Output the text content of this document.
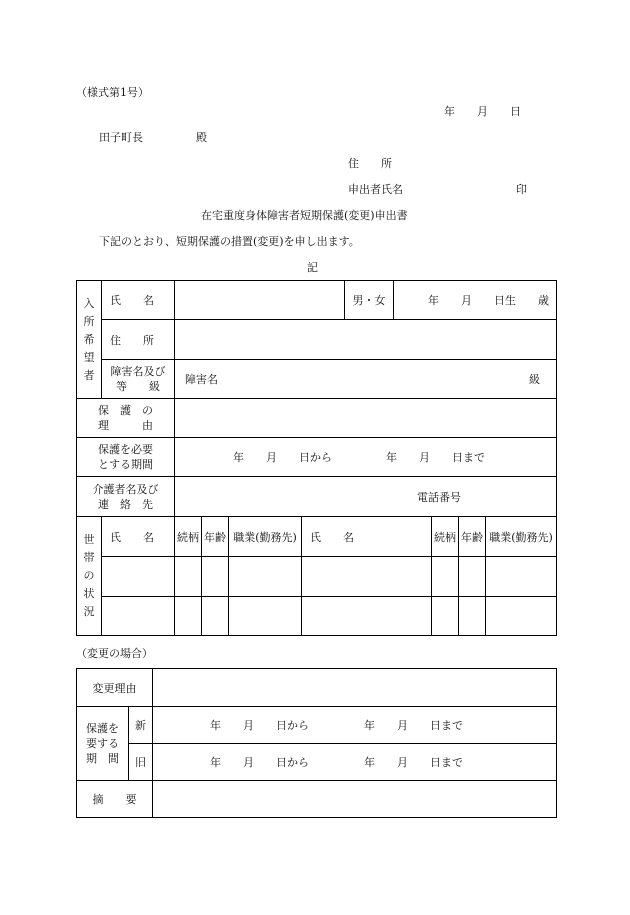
（様式第1号）
年　　月　　日
田子町長	殿
住　　所
申出者氏名	印
在宅重度身体障害者短期保護(変更)申出書
下記のとおり、短期保護の措置(変更)を申し出ます。
記
入
所
希
望
者
氏　　名	男・女	年　　月　　日生　　歳
住　　所
障害名及び
等　　級
障害名	級
保　護　の
理　　　由
保護を必要
とする期間
年　　月　　日から	年　　月　　日まで
介護者名及び
連　絡　先
電話番号
世
帯
の
状
況
氏　　名 続柄 年齢 職業(勤務先) 氏　　名	続柄 年齢 職業(勤務先)
（変更の場合）
変更理由
保護を
要する
期　間
新	年　　月　　日から	年　　月　　日まで
旧	年　　月　　日から	年　　月　　日まで
摘　　要
